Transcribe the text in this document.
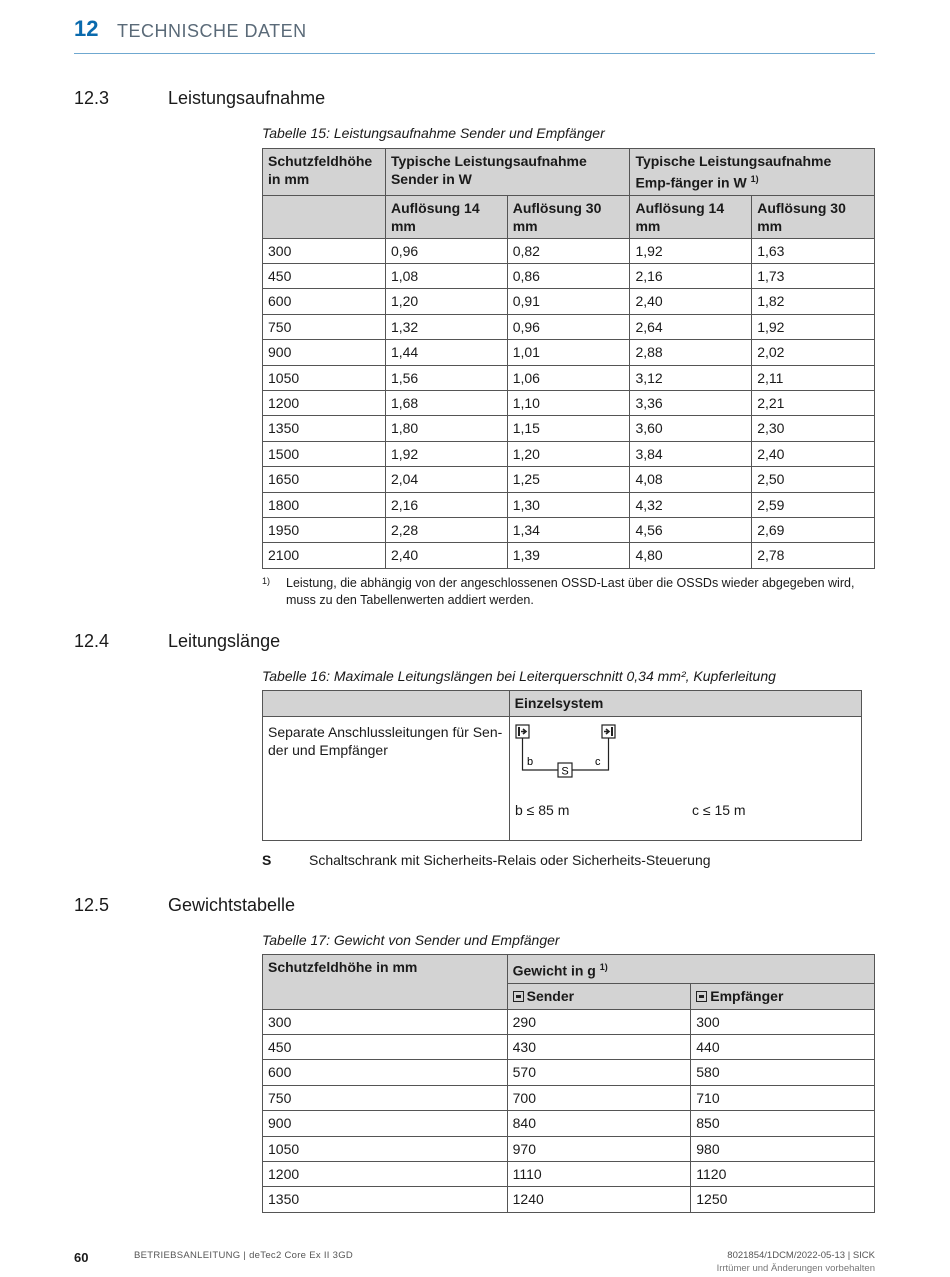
12 TECHNISCHE DATEN
12.3	Leistungsaufnahme
Tabelle 15: Leistungsaufnahme Sender und Empfänger
Schutzfeldhöhe in mm	Typische Leistungsaufnahme Sender in W		Typische Leistungsaufnahme Emp-fänger in W $^{1)}$
	Auflösung 14 mm	Auflösung 30 mm	Auflösung 14 mm	Auflösung 30 mm
300	0,96	0,82	1,92	1,63
450	1,08	0,86	2,16	1,73
600	1,20	0,91	2,40	1,82
750	1,32	0,96	2,64	1,92
900	1,44	1,01	2,88	2,02
1050	1,56	1,06	3,12	2,11
1200	1,68	1,10	3,36	2,21
1350	1,80	1,15	3,60	2,30
1500	1,92	1,20	3,84	2,40
1650	2,04	1,25	4,08	2,50
1800	2,16	1,30	4,32	2,59
1950	2,28	1,34	4,56	2,69
2100	2,40	1,39	4,80	2,78
1) Leistung, die abhängig von der angeschlossenen OSSD-Last über die OSSDs wieder abgegeben wird, muss zu den Tabellenwerten addiert werden.
12.4	Leitungslänge
Tabelle 16: Maximale Leitungslängen bei Leiterquerschnitt 0,34 mm², Kupferleitung
	Einzelsystem
Separate Anschlussleitungen für Sen-der und Empfänger	
S
b	c
b ≤ 85 m	c ≤ 15 m
S	Schaltschrank mit Sicherheits-Relais oder Sicherheits-Steuerung
12.5	Gewichtstabelle
Tabelle 17: Gewicht von Sender und Empfänger
Schutzfeldhöhe in mm	Gewicht in g $^{1)}$
	Sender	Empfänger
300	290	300
450	430	440
600	570	580
750	700	710
900	840	850
1050	970	980
1200	1110	1120
1350	1240	1250
60	BETRIEBSANLEITUNG | deTec2 Core Ex II 3GD	8021854/1DCM/2022-05-13 | SICK
Irrtümer und Änderungen vorbehalten
